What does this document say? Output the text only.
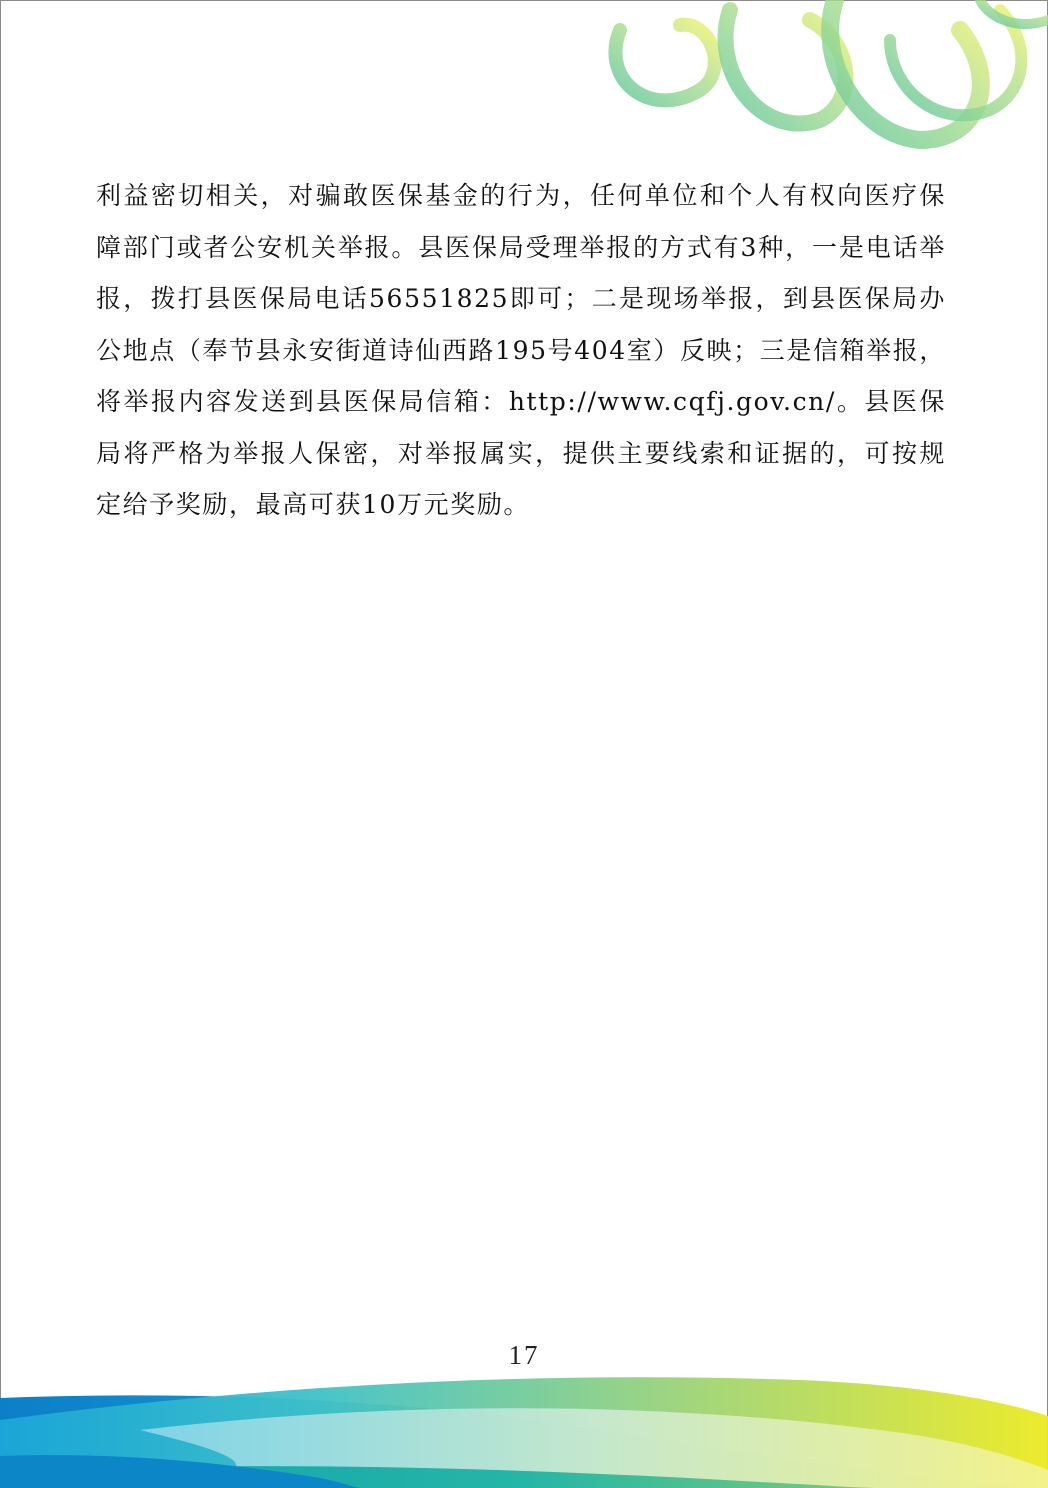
利益密切相关，对骗敢医保基金的行为，任何单位和个人有权向医疗保障部门或者公安机关举报。县医保局受理举报的方式有3种，一是电话举报，拨打县医保局电话56551825即可；二是现场举报，到县医保局办公地点（奉节县永安街道诗仙西路195号404室）反映；三是信箱举报，将举报内容发送到县医保局信箱：http://www.cqfj.gov.cn/。县医保局将严格为举报人保密，对举报属实，提供主要线索和证据的，可按规定给予奖励，最高可获10万元奖励。

17
